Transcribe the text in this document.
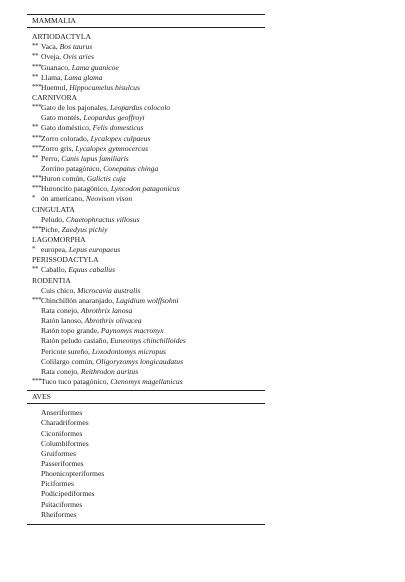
MAMMALIA
ARTIODACTYLA
** Vaca, Bos taurus
** Oveja, Ovis aries
*** Guanaco, Lama guanicoe
** Llama, Lama glama
*** Huemul, Hippocamelus bisulcus
CARNIVORA
*** Gato de los pajonales, Leopardus colocolo
Gato montés, Leopardus geoffroyi
** Gato doméstico, Felis domesticus
*** Zorro colorado, Lycalopex culpaeus
*** Zorro gris, Lycalopex gymnocercus
** Perro, Canis lupus familiaris
Zorrino patagónico, Conepatus chinga
*** Huron común, Galictis cuja
*** Huroncito patagónico, Lyncodon patagonicus
* ón americano, Neovison vison
CINGULATA
Peludo, Chaetophractus villosus
*** Piche, Zaedyus pichiy
LAGOMORPHA
* europea, Lepus europaeus
PERISSODACTYLA
** Caballo, Equus caballus
RODENTIA
Cuis chico, Microcavia australis
*** Chinchillón anaranjado, Lagidium wolffsohni
Rata conejo, Abrothrix lanosa
Ratón lanoso, Abrothrix olivacea
Ratón topo grande, Paynomys macronyx
Ratón peludo castaño, Euneomys chinchilloides
Pericote sureño, Loxodontomys micropus
Colilargo común, Oligoryzomys longicaudatus
Rata conejo, Reithrodon auritus
*** Tuco tuco patagónico, Ctenomys magellanicus
AVES
Anseriformes
Charadriformes
Ciconiformes
Columbiformes
Gruiformes
Passeriformes
Phoenicopteriformes
Piciformes
Podicipediformes
Psitaciformes
Rheiformes
